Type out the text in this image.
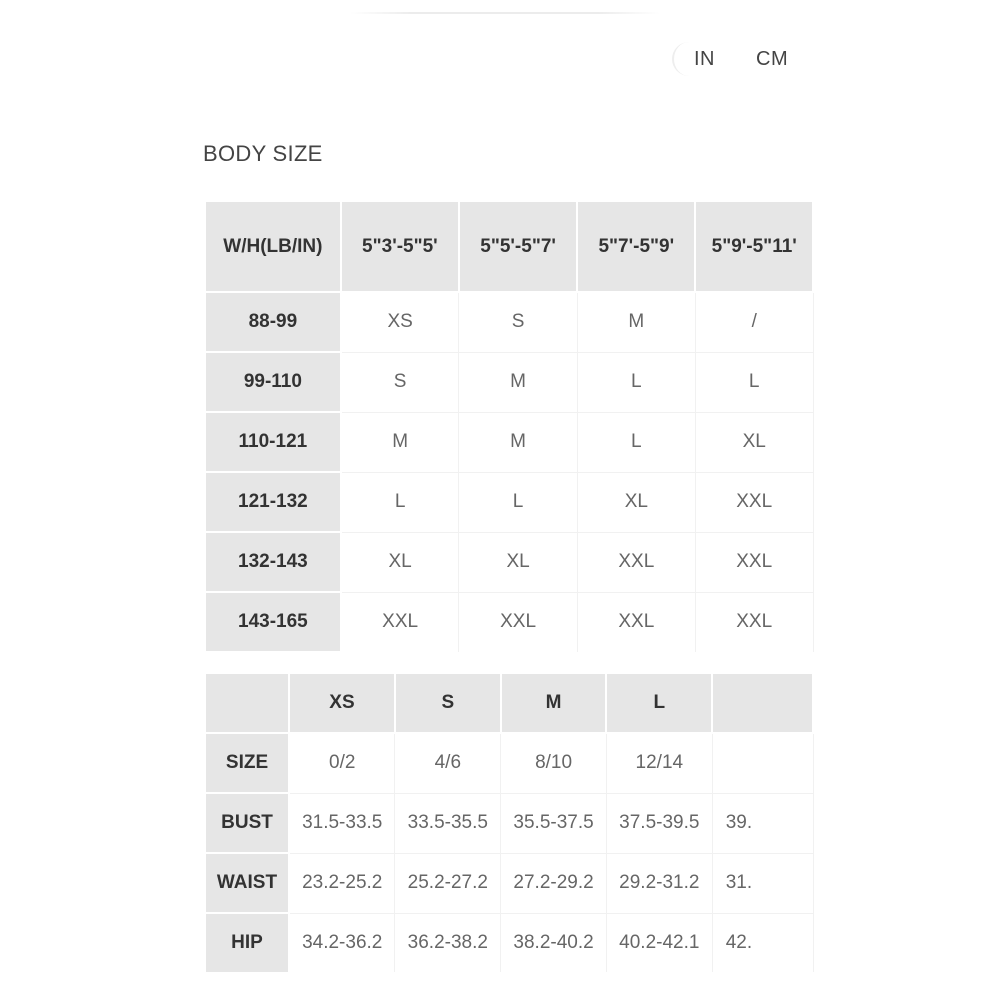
IN CM
BODY SIZE
W/H(LB/IN)	5"3'-5"5'	5"5'-5"7'	5"7'-5"9'	5"9'-5"11'
88-99	XS	S	M	/
99-110	S	M	L	L
110-121	M	M	L	XL
121-132	L	L	XL	XXL
132-143	XL	XL	XXL	XXL
143-165	XXL	XXL	XXL	XXL
	XS	S	M	L	
SIZE	0/2	4/6	8/10	12/14	
BUST	31.5-33.5	33.5-35.5	35.5-37.5	37.5-39.5	39.
WAIST	23.2-25.2	25.2-27.2	27.2-29.2	29.2-31.2	31.
HIP	34.2-36.2	36.2-38.2	38.2-40.2	40.2-42.1	42.
